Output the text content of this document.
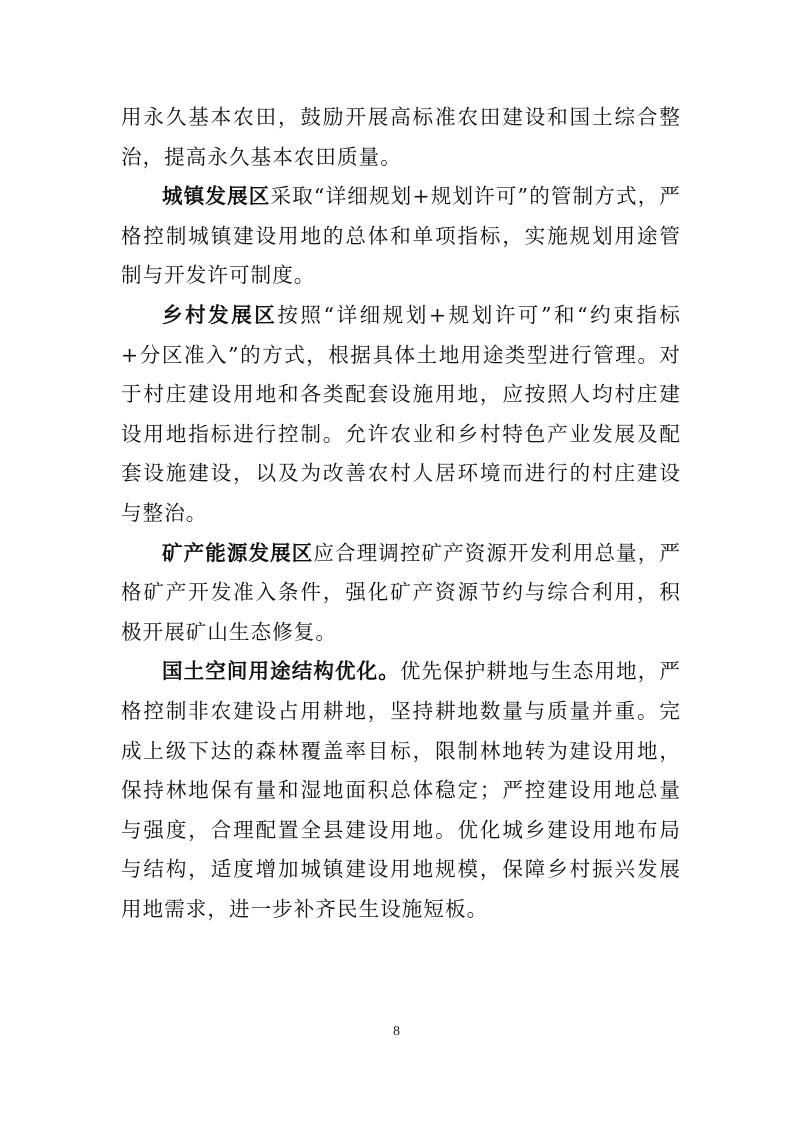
用永久基本农田，鼓励开展高标准农田建设和国土综合整治，提高永久基本农田质量。

城镇发展区采取“详细规划+规划许可”的管制方式，严格控制城镇建设用地的总体和单项指标，实施规划用途管制与开发许可制度。

乡村发展区按照“详细规划+规划许可”和“约束指标+分区准入”的方式，根据具体土地用途类型进行管理。对于村庄建设用地和各类配套设施用地，应按照人均村庄建设用地指标进行控制。允许农业和乡村特色产业发展及配套设施建设，以及为改善农村人居环境而进行的村庄建设与整治。

矿产能源发展区应合理调控矿产资源开发利用总量，严格矿产开发准入条件，强化矿产资源节约与综合利用，积极开展矿山生态修复。

国土空间用途结构优化。优先保护耕地与生态用地，严格控制非农建设占用耕地，坚持耕地数量与质量并重。完成上级下达的森林覆盖率目标，限制林地转为建设用地，保持林地保有量和湿地面积总体稳定；严控建设用地总量与强度，合理配置全县建设用地。优化城乡建设用地布局与结构，适度增加城镇建设用地规模，保障乡村振兴发展用地需求，进一步补齐民生设施短板。

8
